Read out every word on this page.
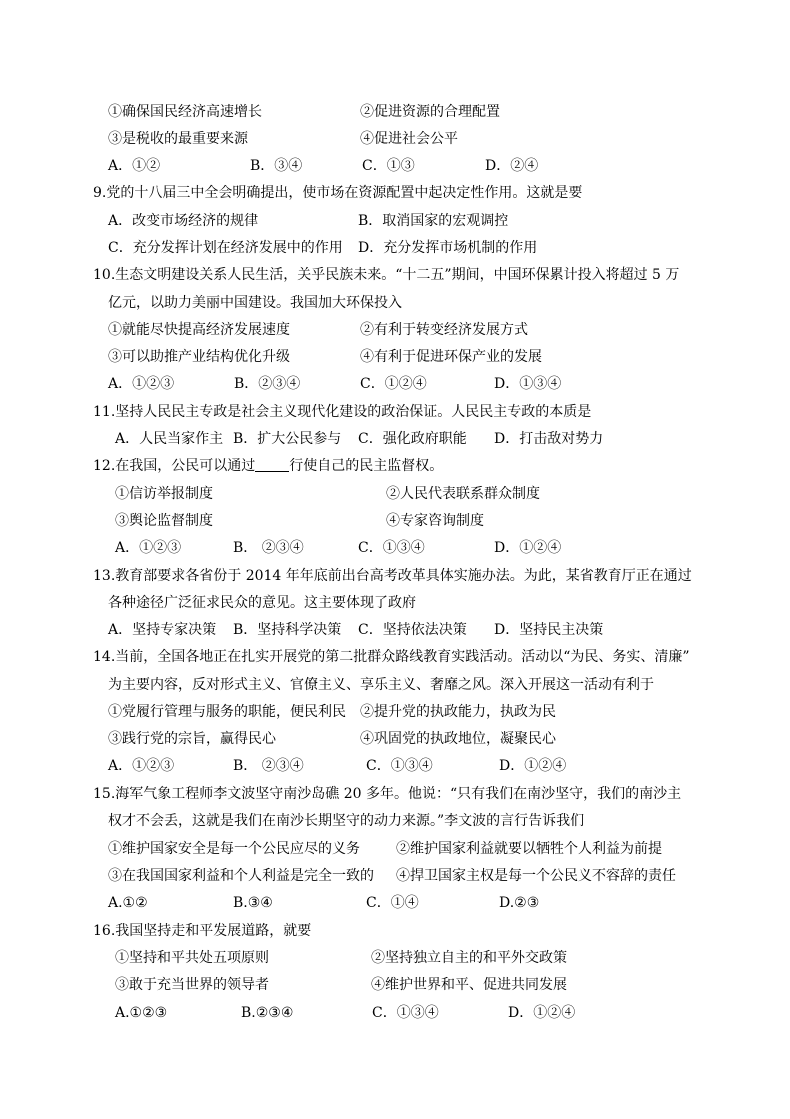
①确保国民经济高速增长	②促进资源的合理配置
③是税收的最重要来源	④促进社会公平
A．①②	B．③④	C．①③	D．②④
9.党的十八届三中全会明确提出，使市场在资源配置中起决定性作用。这就是要
A．改变市场经济的规律	B．取消国家的宏观调控
C．充分发挥计划在经济发展中的作用 D．充分发挥市场机制的作用
10.生态文明建设关系人民生活，关乎民族未来。“十二五”期间，中国环保累计投入将超过 5 万
亿元，以助力美丽中国建设。我国加大环保投入
①就能尽快提高经济发展速度	②有利于转变经济发展方式
③可以助推产业结构优化升级	④有利于促进环保产业的发展
A．①②③	B．②③④	C．①②④	D．①③④
11.坚持人民民主专政是社会主义现代化建设的政治保证。人民民主专政的本质是
A．人民当家作主 B．扩大公民参与 C．强化政府职能 D．打击敌对势力
12.在我国，公民可以通过 行使自己的民主监督权。
①信访举报制度	②人民代表联系群众制度
③舆论监督制度	④专家咨询制度
A．①②③	B． ②③④	C．①③④	D．①②④
13.教育部要求各省份于 2014 年年底前出台高考改革具体实施办法。为此，某省教育厅正在通过
各种途径广泛征求民众的意见。这主要体现了政府
A．坚持专家决策 B．坚持科学决策 C．坚持依法决策 D．坚持民主决策
14.当前，全国各地正在扎实开展党的第二批群众路线教育实践活动。活动以“为民、务实、清廉”
为主要内容，反对形式主义、官僚主义、享乐主义、奢靡之风。深入开展这一活动有利于
①党履行管理与服务的职能，便民利民 ②提升党的执政能力，执政为民
③践行党的宗旨，赢得民心	④巩固党的执政地位，凝聚民心
A．①②③	B． ②③④	C．①③④	D．①②④
15.海军气象工程师李文波坚守南沙岛礁 20 多年。他说：“只有我们在南沙坚守，我们的南沙主
权才不会丢，这就是我们在南沙长期坚守的动力来源。”李文波的言行告诉我们
①维护国家安全是每一个公民应尽的义务	②维护国家利益就要以牺牲个人利益为前提
③在我国国家利益和个人利益是完全一致的 ④捍卫国家主权是每一个公民义不容辞的责任
A.①②	B.③④	C．①④	D.②③
16.我国坚持走和平发展道路，就要
①坚持和平共处五项原则	②坚持独立自主的和平外交政策
③敢于充当世界的领导者	④维护世界和平、促进共同发展
A.①②③	B.②③④	C．①③④	D．①②④
